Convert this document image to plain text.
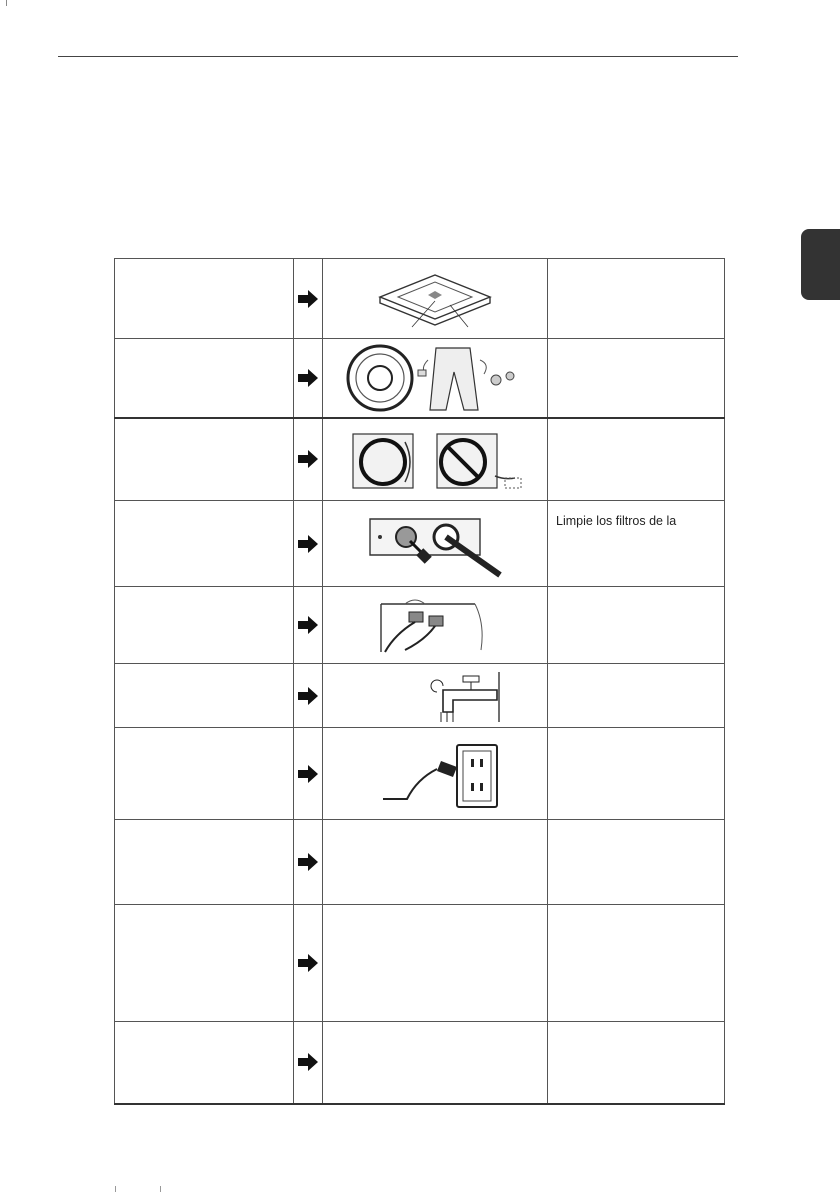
Limpie los filtros de la
